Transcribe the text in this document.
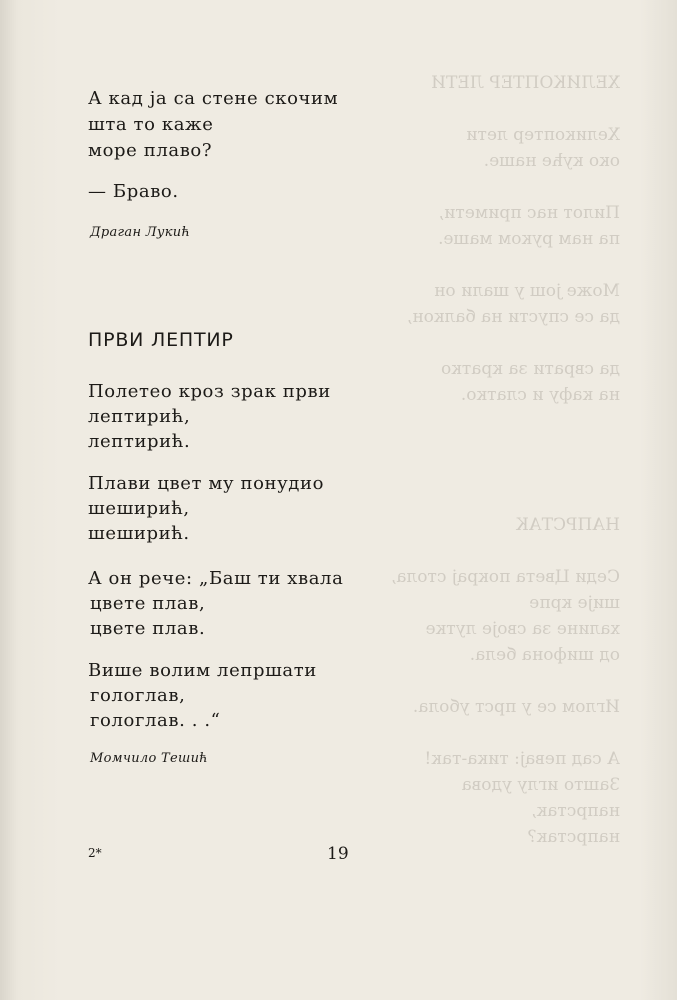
ХЕЛИКОПТЕР ЛЕТИ

Хеликоптер лети
око куће наше.

Пилот нас примети,
па нам руком маше.

Може још у шали он
да се спусти на балкон,

да сврати за кратко
на кафу и слатко.

НАПРСТАК

Седи Цвета покрај стола,
шије крпе
халине за своје лутке
од шифона бела.

Иглом се у прст убола.

А сад певај: тика-так!
Зашто иглу удова
напрстак,
напрстак?
А кад ја са стене скочим
шта то каже
море плаво?
— Браво.
Драган Лукић
ПРВИ ЛЕПТИР
Полетео кроз зрак први
лептирић,
лептирић.
Плави цвет му понудио
шеширић,
шеширић.
А он рече: „Баш ти хвала
цвете плав,
цвете плав.
Више волим лепршати
гологлав,
гологлав. . .“
Момчило Тешић
2*	19
